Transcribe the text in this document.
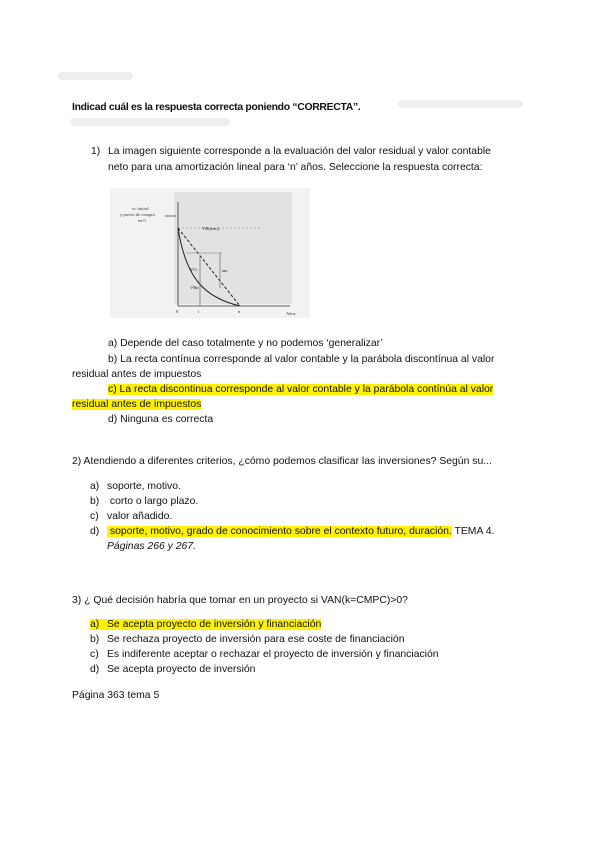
Indicad cuál es la respuesta correcta poniendo “CORRECTA”.
1) La imagen siguiente corresponde a la evaluación del valor residual y valor contable
neto para una amortización lineal para ‘n’ años. Seleccione la respuesta correcta:
vc inicial
y precio de compra
en 0
VR(neto)
VCt	am
VRn
0	t	n	Años
a) Depende del caso totalmente y no podemos ‘generalizar’
b) La recta contínua corresponde al valor contable y la parábola discontínua al valor
residual antes de impuestos
c) La recta discontinua corresponde al valor contable y la parábola contínúa al valor
residual antes de impuestos
d) Ninguna es correcta
2) Atendiendo a diferentes criterios, ¿cómo podemos clasificar las inversiones? Según su...
a) soporte, motivo.
b) corto o largo plazo.
c) valor añadido.
d) soporte, motivo, grado de conocimiento sobre el contexto futuro, duración. TEMA 4.
Páginas 266 y 267.
3) ¿ Qué decisión habría que tomar en un proyecto si VAN(k=CMPC)>0?
a) Se acepta proyecto de inversión y financiación
b) Se rechaza proyecto de inversión para ese coste de financiación
c) Es indiferente aceptar o rechazar el proyecto de inversión y financiación
d) Se acepta proyecto de inversión
Página 363 tema 5
